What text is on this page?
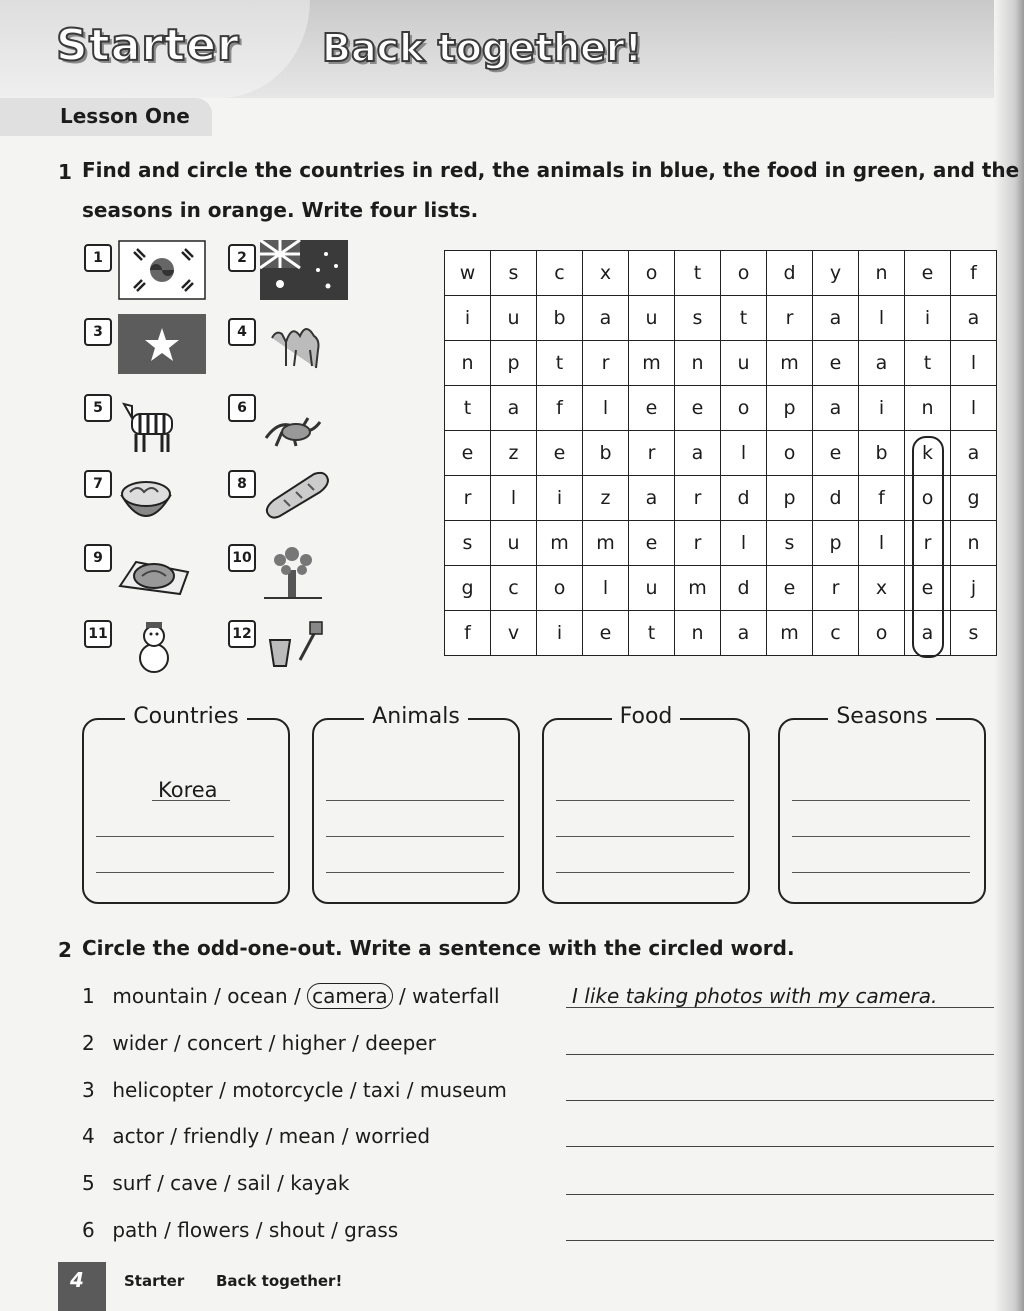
Starter Back together!
Lesson One
1 Find and circle the countries in red, the animals in blue, the food in green, and the
seasons in orange. Write four lists.
1	2
3	4
5	6
7	8
9	10
11	12
w	s	c	x	o	t	o	d	y	n	e	f
i	u	b	a	u	s	t	r	a	l	i	a
n	p	t	r	m	n	u	m	e	a	t	l
t	a	f	l	e	e	o	p	a	i	n	l
e	z	e	b	r	a	l	o	e	b	k	a
r	l	i	z	a	r	d	p	d	f	o	g
s	u	m	m	e	r	l	s	p	l	r	n
g	c	o	l	u	m	d	e	r	x	e	j
f	v	i	e	t	n	a	m	c	o	a	s
Countries
Korea
Animals	Food	Seasons
2 Circle the odd-one-out. Write a sentence with the circled word.
1 mountain / ocean / camera / waterfall	I like taking photos with my camera.
2 wider / concert / higher / deeper
3 helicopter / motorcycle / taxi / museum
4 actor / friendly / mean / worried
5 surf / cave / sail / kayak
6 path / flowers / shout / grass
4	Starter Back together!
